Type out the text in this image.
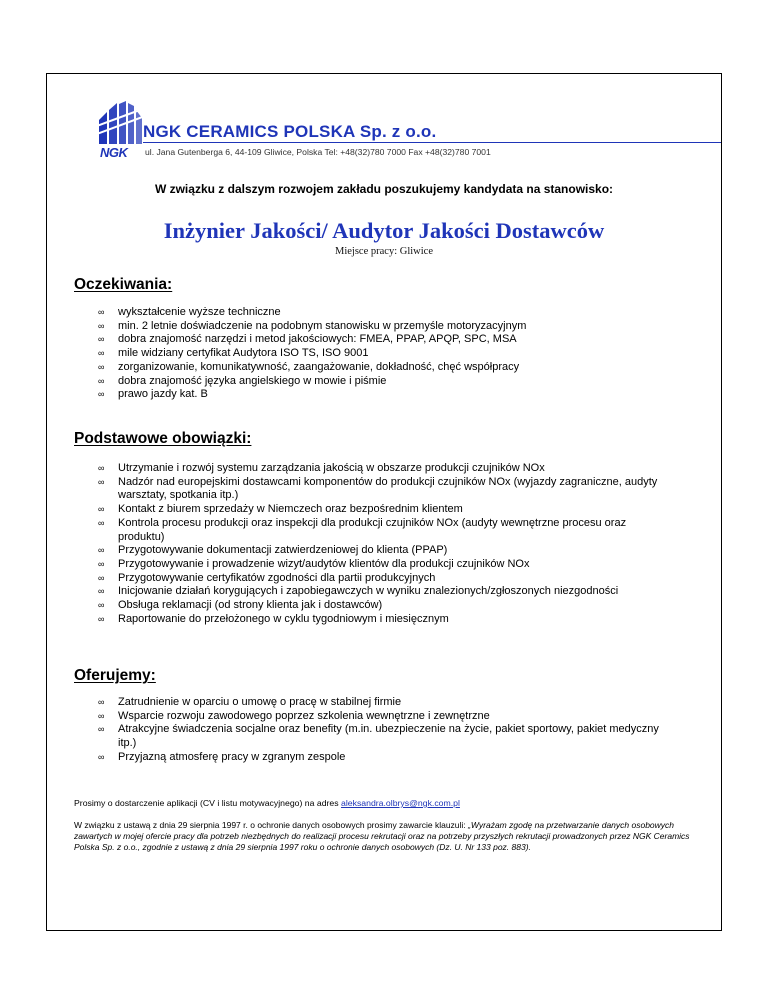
NGK CERAMICS POLSKA Sp. z o.o.
NGK ul. Jana Gutenberga 6, 44-109 Gliwice, Polska Tel: +48(32)780 7000 Fax +48(32)780 7001
W związku z dalszym rozwojem zakładu poszukujemy kandydata na stanowisko:
Inżynier Jakości/ Audytor Jakości Dostawców
Miejsce pracy: Gliwice
Oczekiwania:
∞ wykształcenie wyższe techniczne
∞ min. 2 letnie doświadczenie na podobnym stanowisku w przemyśle motoryzacyjnym
∞ dobra znajomość narzędzi i metod jakościowych: FMEA, PPAP, APQP, SPC, MSA
∞ mile widziany certyfikat Audytora ISO TS, ISO 9001
∞ zorganizowanie, komunikatywność, zaangażowanie, dokładność, chęć współpracy
∞ dobra znajomość języka angielskiego w mowie i piśmie
∞ prawo jazdy kat. B
Podstawowe obowiązki:
∞ Utrzymanie i rozwój systemu zarządzania jakością w obszarze produkcji czujników NOx
∞ Nadzór nad europejskimi dostawcami komponentów do produkcji czujników NOx (wyjazdy zagraniczne, audyty warsztaty, spotkania itp.)
∞ Kontakt z biurem sprzedaży w Niemczech oraz bezpośrednim klientem
∞ Kontrola procesu produkcji oraz inspekcji dla produkcji czujników NOx (audyty wewnętrzne procesu oraz produktu)
∞ Przygotowywanie dokumentacji zatwierdzeniowej do klienta (PPAP)
∞ Przygotowywanie i prowadzenie wizyt/audytów klientów dla produkcji czujników NOx
∞ Przygotowywanie certyfikatów zgodności dla partii produkcyjnych
∞ Inicjowanie działań korygujących i zapobiegawczych w wyniku znalezionych/zgłoszonych niezgodności
∞ Obsługa reklamacji (od strony klienta jak i dostawców)
∞ Raportowanie do przełożonego w cyklu tygodniowym i miesięcznym
Oferujemy:
∞ Zatrudnienie w oparciu o umowę o pracę w stabilnej firmie
∞ Wsparcie rozwoju zawodowego poprzez szkolenia wewnętrzne i zewnętrzne
∞ Atrakcyjne świadczenia socjalne oraz benefity (m.in. ubezpieczenie na życie, pakiet sportowy, pakiet medyczny itp.)
∞ Przyjazną atmosferę pracy w zgranym zespole
Prosimy o dostarczenie aplikacji (CV i listu motywacyjnego) na adres aleksandra.olbrys@ngk.com.pl
W związku z ustawą z dnia 29 sierpnia 1997 r. o ochronie danych osobowych prosimy zawarcie klauzuli: „Wyrażam zgodę na przetwarzanie danych osobowych zawartych w mojej ofercie pracy dla potrzeb niezbędnych do realizacji procesu rekrutacji oraz na potrzeby przyszłych rekrutacji prowadzonych przez NGK Ceramics Polska Sp. z o.o., zgodnie z ustawą z dnia 29 sierpnia 1997 roku o ochronie danych osobowych (Dz. U. Nr 133 poz. 883).
